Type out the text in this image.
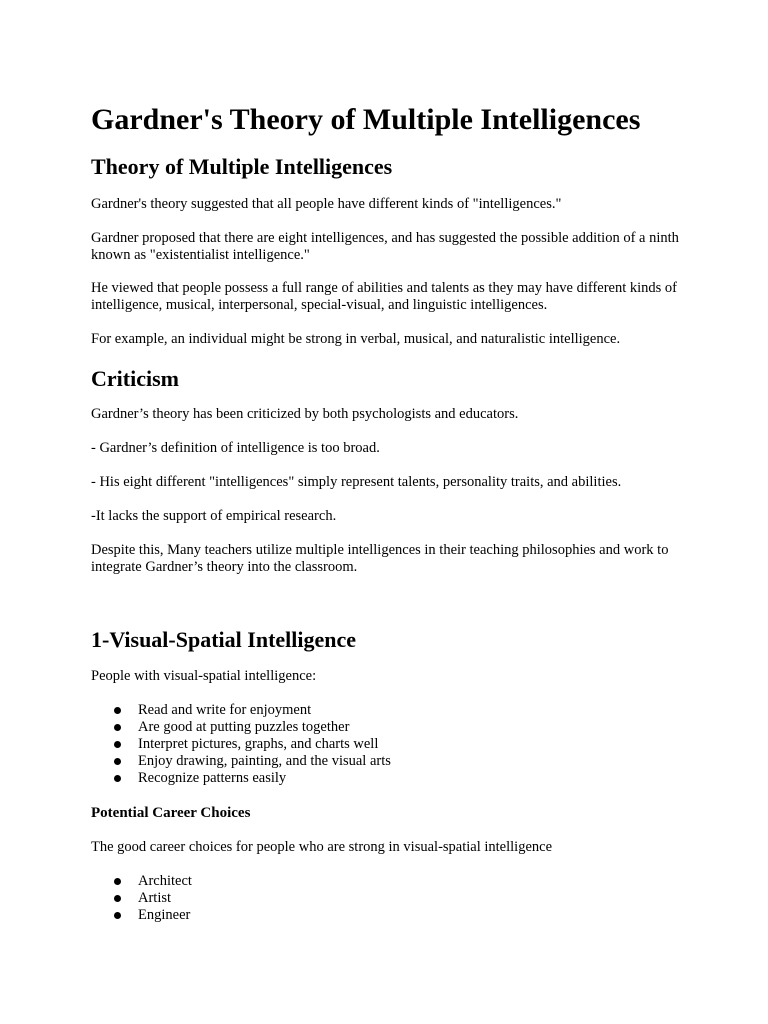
Gardner's Theory of Multiple Intelligences
Theory of Multiple Intelligences

Gardner's theory suggested that all people have different kinds of "intelligences."

Gardner proposed that there are eight intelligences, and has suggested the possible addition of a ninth known as "existentialist intelligence."

He viewed that people possess a full range of abilities and talents as they may have different kinds of intelligence, musical, interpersonal, special-visual, and linguistic intelligences.

For example, an individual might be strong in verbal, musical, and naturalistic intelligence.

Criticism

Gardner’s theory has been criticized by both psychologists and educators.

- Gardner’s definition of intelligence is too broad.

- His eight different "intelligences" simply represent talents, personality traits, and abilities.

-It lacks the support of empirical research.

Despite this, Many teachers utilize multiple intelligences in their teaching philosophies and work to integrate Gardner’s theory into the classroom.

1-Visual-Spatial Intelligence

People with visual-spatial intelligence:

Read and write for enjoyment
Are good at putting puzzles together
Interpret pictures, graphs, and charts well
Enjoy drawing, painting, and the visual arts
Recognize patterns easily
Potential Career Choices

The good career choices for people who are strong in visual-spatial intelligence

Architect
Artist
Engineer
